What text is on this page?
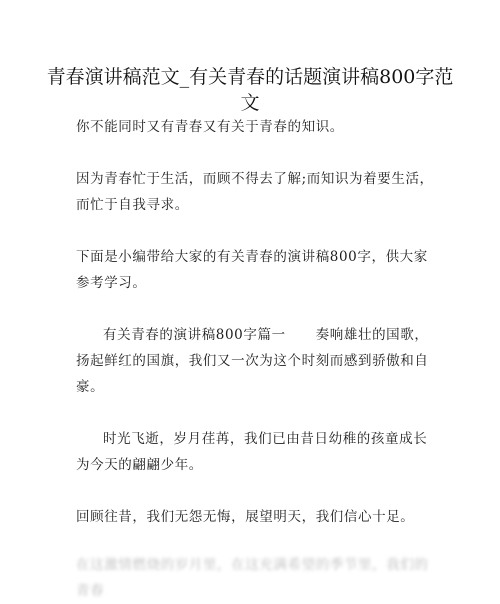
青春演讲稿范文_有关青春的话题演讲稿800字范文

你不能同时又有青春又有关于青春的知识。

因为青春忙于生活，而顾不得去了解;而知识为着要生活，而忙于自我寻求。

下面是小编带给大家的有关青春的演讲稿800字，供大家参考学习。

有关青春的演讲稿800字篇一 奏响雄壮的国歌，扬起鲜红的国旗，我们又一次为这个时刻而感到骄傲和自豪。

时光飞逝，岁月荏苒，我们已由昔日幼稚的孩童成长为今天的翩翩少年。

回顾往昔，我们无怨无悔，展望明天，我们信心十足。

在这激情燃烧的岁月里，在这充满希望的季节里，我们的青春
